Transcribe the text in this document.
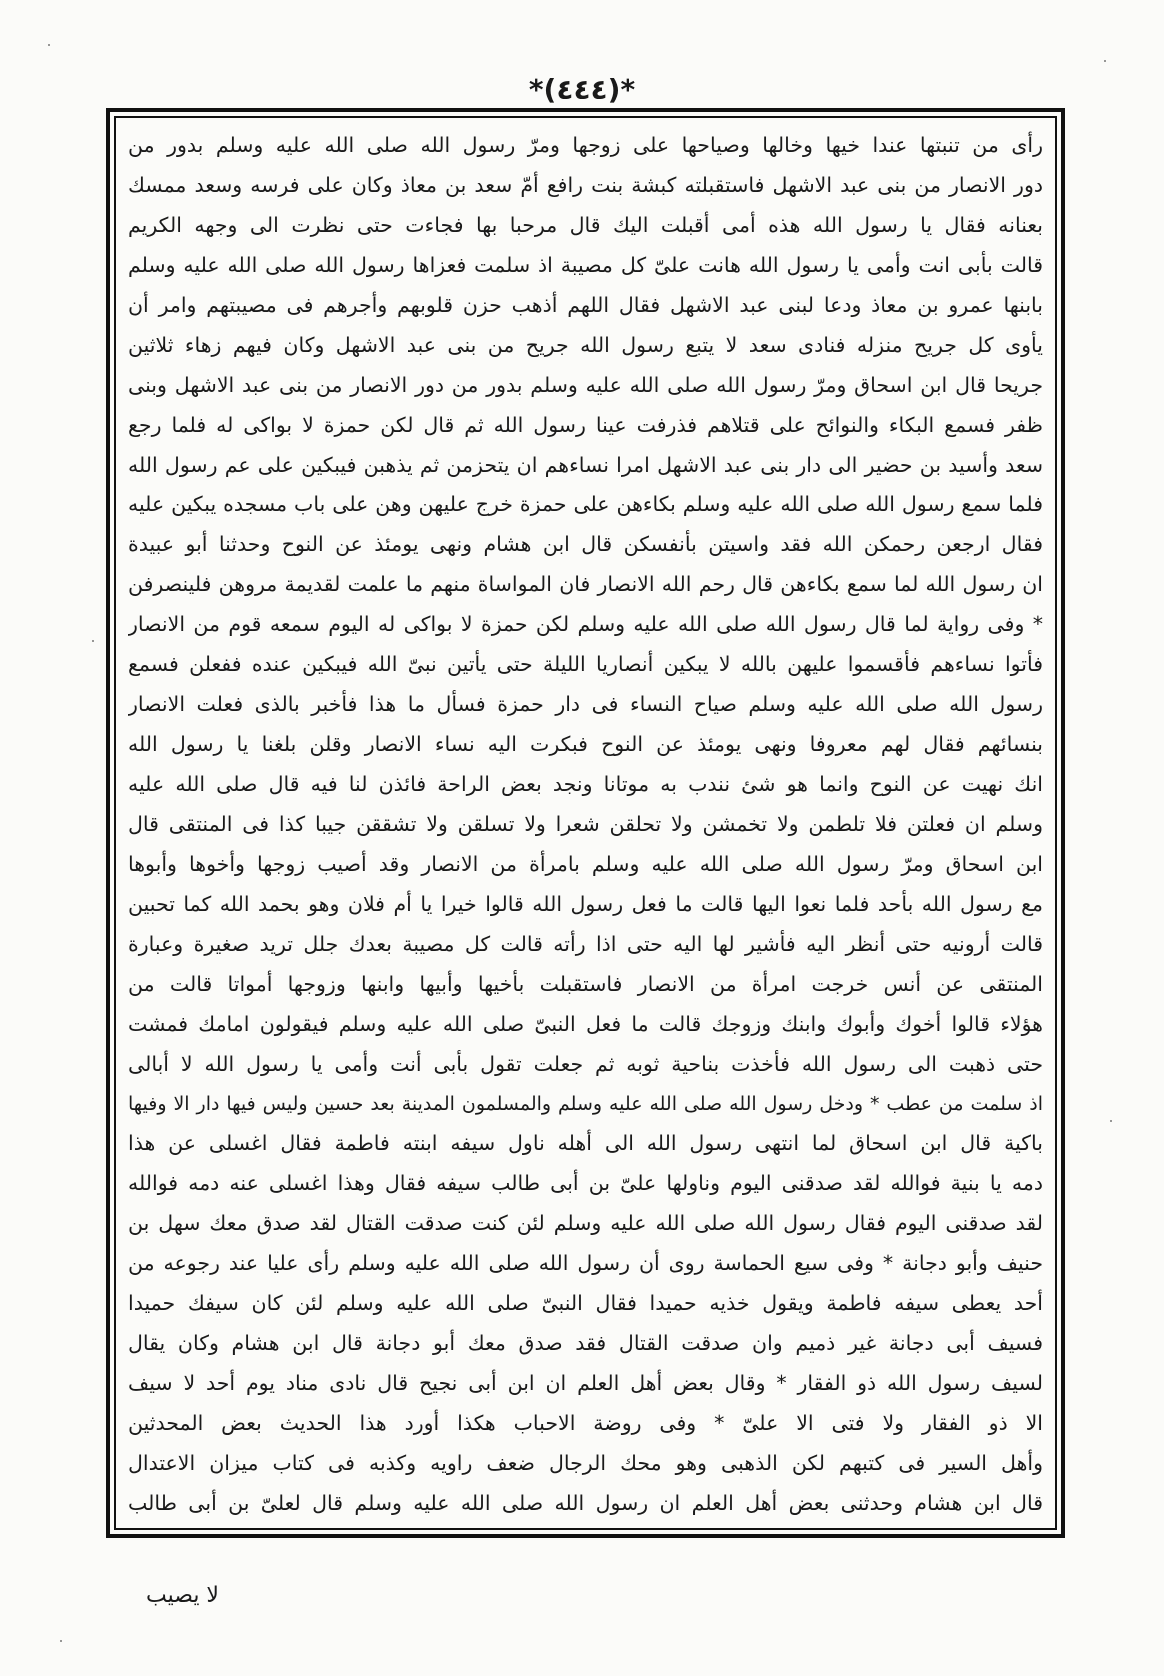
*(٤٤٤)*
رأى من تنبتها عندا خيها وخالها وصياحها على زوجها ومرّ رسول الله صلى الله عليه وسلم بدور من
دور الانصار من بنى عبد الاشهل فاستقبلته كبشة بنت رافع أمّ سعد بن معاذ وكان على فرسه وسعد ممسك
بعنانه فقال يا رسول الله هذه أمى أقبلت اليك قال مرحبا بها فجاءت حتى نظرت الى وجهه الكريم
قالت بأبى انت وأمى يا رسول الله هانت علىّ كل مصيبة اذ سلمت فعزاها رسول الله صلى الله عليه وسلم
بابنها عمرو بن معاذ ودعا لبنى عبد الاشهل فقال اللهم أذهب حزن قلوبهم وأجرهم فى مصيبتهم وامر أن
يأوى كل جريح منزله فنادى سعد لا يتبع رسول الله جريح من بنى عبد الاشهل وكان فيهم زهاء ثلاثين
جريحا قال ابن اسحاق ومرّ رسول الله صلى الله عليه وسلم بدور من دور الانصار من بنى عبد الاشهل وبنى
ظفر فسمع البكاء والنوائح على قتلاهم فذرفت عينا رسول الله ثم قال لكن حمزة لا بواكى له فلما رجع
سعد وأسيد بن حضير الى دار بنى عبد الاشهل امرا نساءهم ان يتحزمن ثم يذهبن فيبكين على عم رسول الله
فلما سمع رسول الله صلى الله عليه وسلم بكاءهن على حمزة خرج عليهن وهن على باب مسجده يبكين عليه
فقال ارجعن رحمكن الله فقد واسيتن بأنفسكن قال ابن هشام ونهى يومئذ عن النوح وحدثنا أبو عبيدة
ان رسول الله لما سمع بكاءهن قال رحم الله الانصار فان المواساة منهم ما علمت لقديمة مروهن فلينصرفن
* وفى رواية لما قال رسول الله صلى الله عليه وسلم لكن حمزة لا بواكى له اليوم سمعه قوم من الانصار
فأتوا نساءهم فأقسموا عليهن بالله لا يبكين أنصاريا الليلة حتى يأتين نبىّ الله فيبكين عنده ففعلن فسمع
رسول الله صلى الله عليه وسلم صياح النساء فى دار حمزة فسأل ما هذا فأخبر بالذى فعلت الانصار
بنسائهم فقال لهم معروفا ونهى يومئذ عن النوح فبكرت اليه نساء الانصار وقلن بلغنا يا رسول الله
انك نهيت عن النوح وانما هو شئ نندب به موتانا ونجد بعض الراحة فائذن لنا فيه قال صلى الله عليه
وسلم ان فعلتن فلا تلطمن ولا تخمشن ولا تحلقن شعرا ولا تسلقن ولا تشققن جيبا كذا فى المنتقى قال
ابن اسحاق ومرّ رسول الله صلى الله عليه وسلم بامرأة من الانصار وقد أصيب زوجها وأخوها وأبوها
مع رسول الله بأحد فلما نعوا اليها قالت ما فعل رسول الله قالوا خيرا يا أم فلان وهو بحمد الله كما تحبين
قالت أرونيه حتى أنظر اليه فأشير لها اليه حتى اذا رأته قالت كل مصيبة بعدك جلل تريد صغيرة وعبارة
المنتقى عن أنس خرجت امرأة من الانصار فاستقبلت بأخيها وأبيها وابنها وزوجها أمواتا قالت من
هؤلاء قالوا أخوك وأبوك وابنك وزوجك قالت ما فعل النبىّ صلى الله عليه وسلم فيقولون امامك فمشت
حتى ذهبت الى رسول الله فأخذت بناحية ثوبه ثم جعلت تقول بأبى أنت وأمى يا رسول الله لا أبالى
اذ سلمت من عطب * ودخل رسول الله صلى الله عليه وسلم والمسلمون المدينة بعد حسين وليس فيها دار الا وفيها
باكية قال ابن اسحاق لما انتهى رسول الله الى أهله ناول سيفه ابنته فاطمة فقال اغسلى عن هذا
دمه يا بنية فوالله لقد صدقنى اليوم وناولها علىّ بن أبى طالب سيفه فقال وهذا اغسلى عنه دمه فوالله
لقد صدقنى اليوم فقال رسول الله صلى الله عليه وسلم لئن كنت صدقت القتال لقد صدق معك سهل بن
حنيف وأبو دجانة * وفى سيع الحماسة روى أن رسول الله صلى الله عليه وسلم رأى عليا عند رجوعه من
أحد يعطى سيفه فاطمة ويقول خذيه حميدا فقال النبىّ صلى الله عليه وسلم لئن كان سيفك حميدا
فسيف أبى دجانة غير ذميم وان صدقت القتال فقد صدق معك أبو دجانة قال ابن هشام وكان يقال
لسيف رسول الله ذو الفقار * وقال بعض أهل العلم ان ابن أبى نجيح قال نادى مناد يوم أحد لا سيف
الا ذو الفقار ولا فتى الا علىّ * وفى روضة الاحباب هكذا أورد هذا الحديث بعض المحدثين
وأهل السير فى كتبهم لكن الذهبى وهو محك الرجال ضعف راويه وكذبه فى كتاب ميزان الاعتدال
قال ابن هشام وحدثنى بعض أهل العلم ان رسول الله صلى الله عليه وسلم قال لعلىّ بن أبى طالب
لا يصيب
